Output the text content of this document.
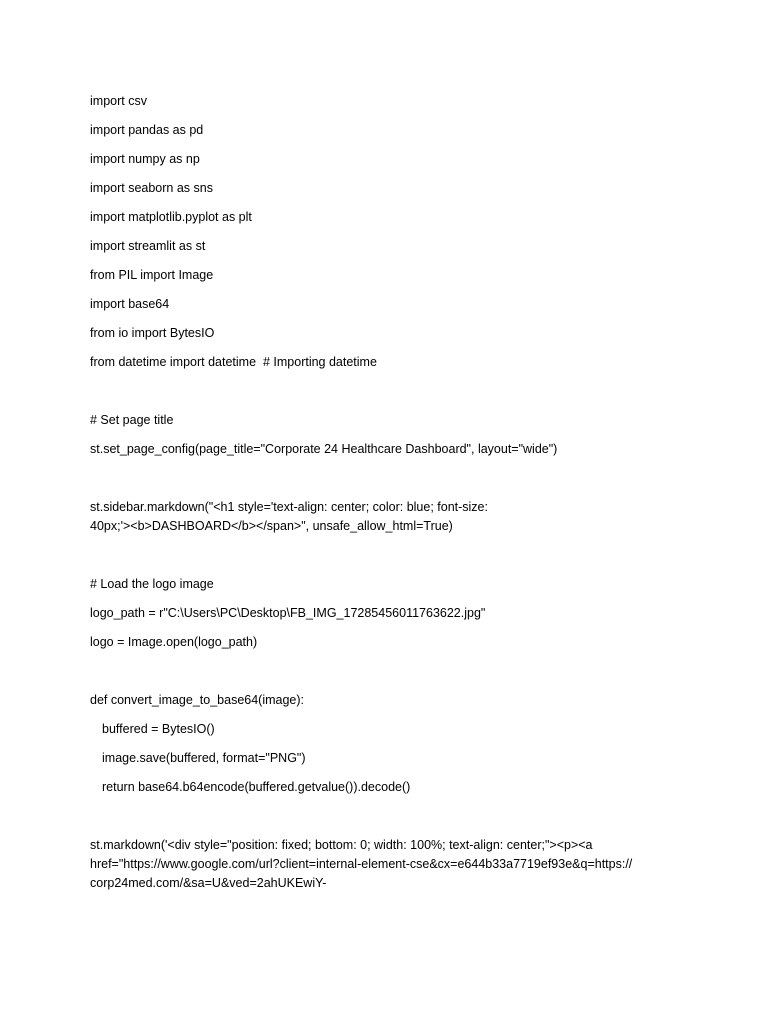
import csv
import pandas as pd
import numpy as np
import seaborn as sns
import matplotlib.pyplot as plt
import streamlit as st
from PIL import Image
import base64
from io import BytesIO
from datetime import datetime  # Importing datetime
# Set page title
st.set_page_config(page_title="Corporate 24 Healthcare Dashboard", layout="wide")
st.sidebar.markdown("<h1 style='text-align: center; color: blue; font-size:
40px;'><b>DASHBOARD</b></span>", unsafe_allow_html=True)
# Load the logo image
logo_path = r"C:\Users\PC\Desktop\FB_IMG_17285456011763622.jpg"
logo = Image.open(logo_path)
def convert_image_to_base64(image):
buffered = BytesIO()
image.save(buffered, format="PNG")
return base64.b64encode(buffered.getvalue()).decode()
st.markdown('<div style="position: fixed; bottom: 0; width: 100%; text-align: center;"><p><a
href="https://www.google.com/url?client=internal-element-cse&cx=e644b33a7719ef93e&q=https://
corp24med.com/&sa=U&ved=2ahUKEwiY-
